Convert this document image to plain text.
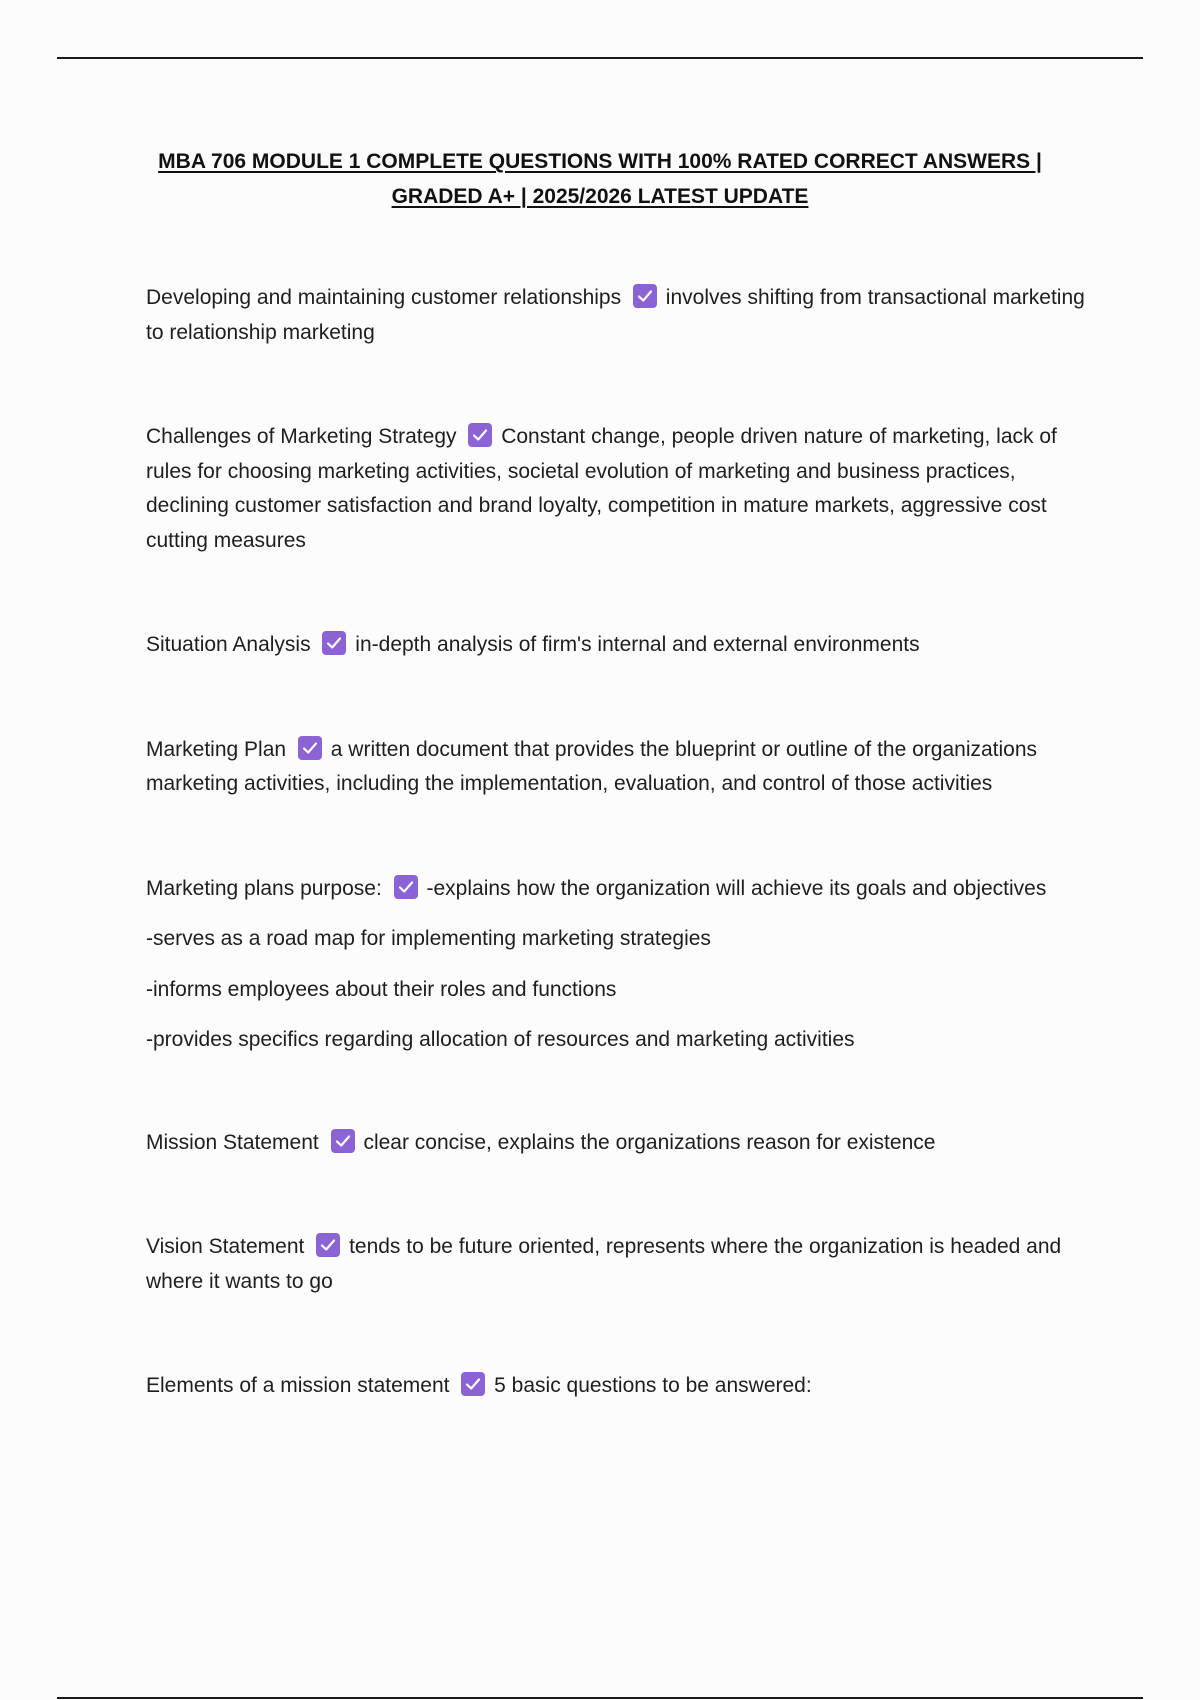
MBA 706 MODULE 1 COMPLETE QUESTIONS WITH 100% RATED CORRECT ANSWERS |
GRADED A+ | 2025/2026 LATEST UPDATE

Developing and maintaining customer relationships involves shifting from transactional marketing to relationship marketing

Challenges of Marketing Strategy Constant change, people driven nature of marketing, lack of rules for choosing marketing activities, societal evolution of marketing and business practices, declining customer satisfaction and brand loyalty, competition in mature markets, aggressive cost cutting measures

Situation Analysis in-depth analysis of firm's internal and external environments

Marketing Plan a written document that provides the blueprint or outline of the organizations marketing activities, including the implementation, evaluation, and control of those activities

Marketing plans purpose: -explains how the organization will achieve its goals and objectives

-serves as a road map for implementing marketing strategies

-informs employees about their roles and functions

-provides specifics regarding allocation of resources and marketing activities

Mission Statement clear concise, explains the organizations reason for existence

Vision Statement tends to be future oriented, represents where the organization is headed and where it wants to go

Elements of a mission statement 5 basic questions to be answered:
